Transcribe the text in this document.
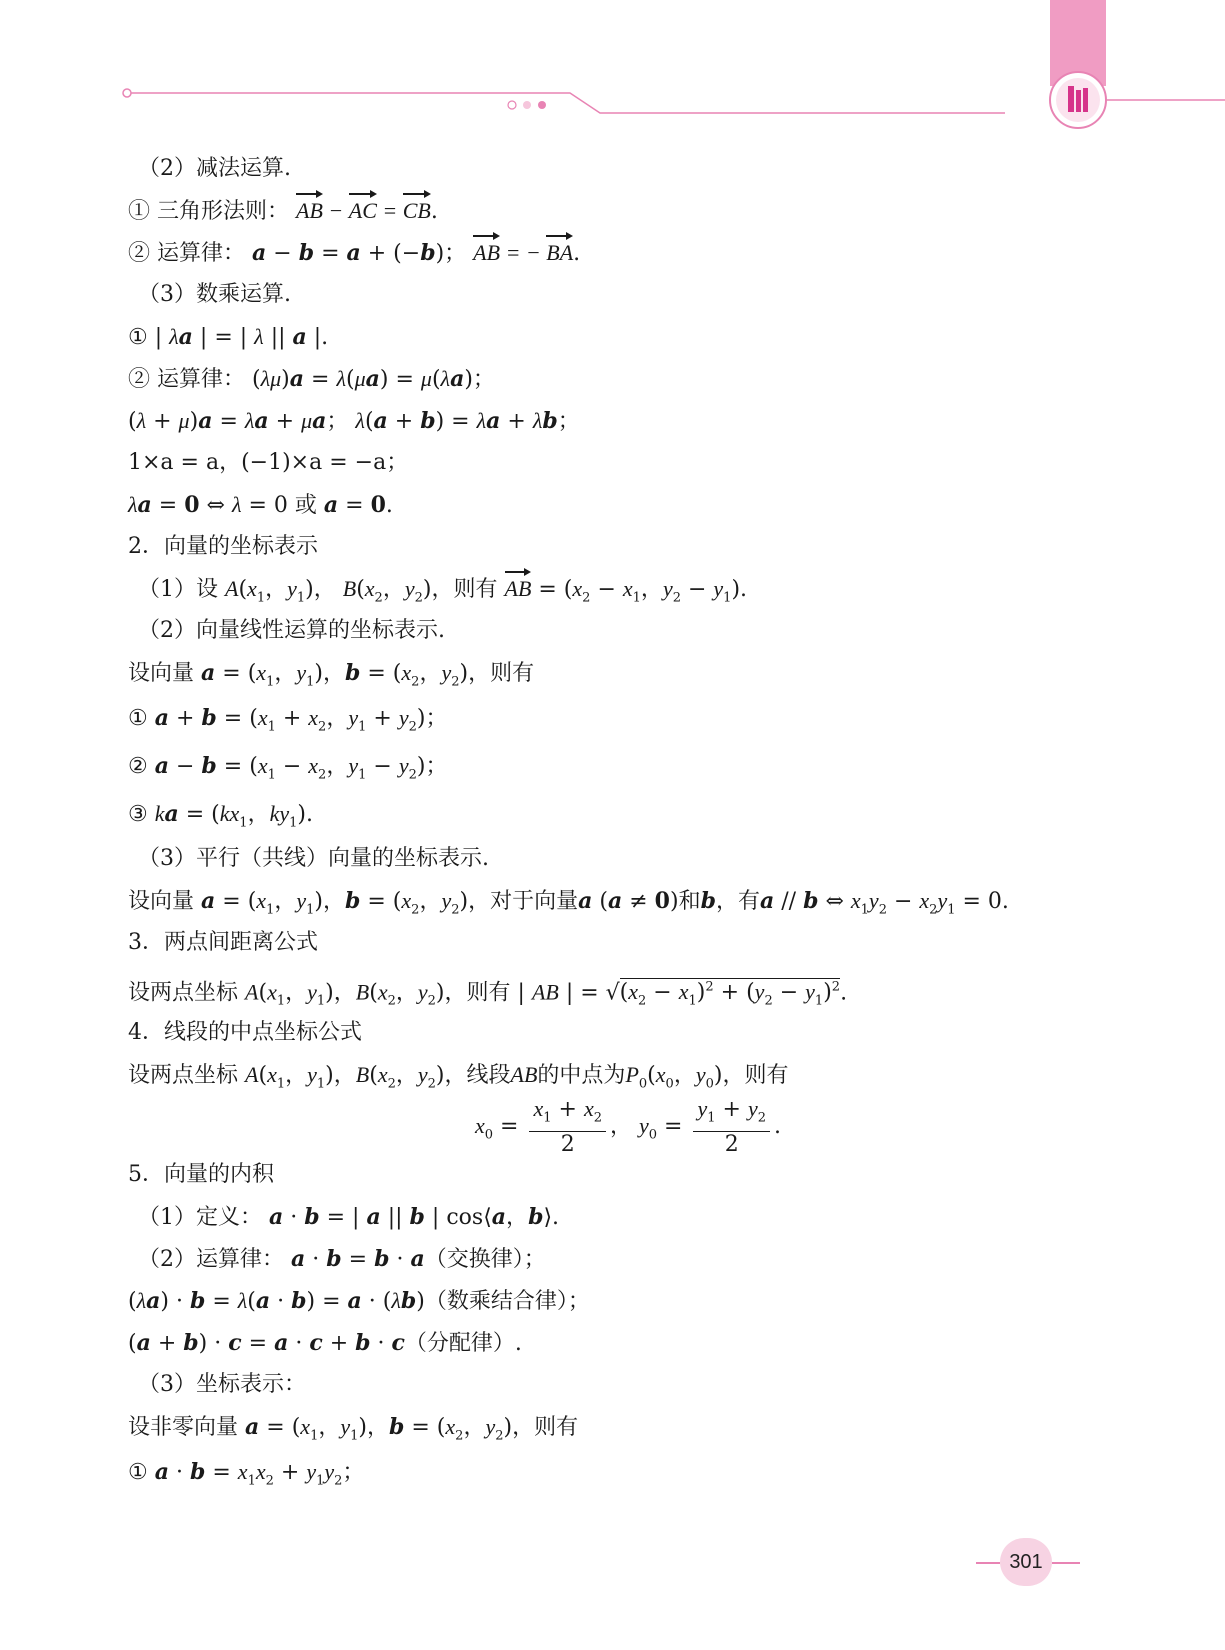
（2）减法运算.
① 三角形法则： AB − AC = CB.
② 运算律： a − b = a + (−b)； AB = − BA.
（3）数乘运算.
① | λa | = | λ || a |.
② 运算律： (λμ)a = λ(μa) = μ(λa)；
(λ + μ)a = λa + μa； λ(a + b) = λa + λb；
1×a = a，(−1)×a = −a；
λa = 0 ⇔ λ = 0 或 a = 0.
2．向量的坐标表示
（1）设 $A(x_1$，$y_1$)， $B(x_2$，$y_2$)，则有 AB = ($x_2 - x_1$，$y_2 - y_1$).
（2）向量线性运算的坐标表示.
设向量 $a = (x_1$，$y_1$)，$b = (x_2$，$y_2$)，则有
① $a + b = (x_1 + x_2$，$y_1 + y_2$)；
② $a - b = (x_1 - x_2$，$y_1 - y_2$)；
③ ka = ($kx_1$，$ky_1$).
（3）平行（共线）向量的坐标表示.
设向量 $a = (x_1$，$y_1$)，$b = (x_2$，$y_2$)，对于向量a (a ≠ 0)和b，有a // b ⇔ $x_1y_2 - x_2y_1 = 0$.
3．两点间距离公式
设两点坐标 $A(x_1$，$y_1$)，$B(x_2$，$y_2$)，则有 | AB | = $√(x_2 - x_1)^2 + (y_2 - y_1)^2$.
4．线段的中点坐标公式
设两点坐标 $A(x_1$，$y_1$)，$B(x_2$，$y_2$)，线段AB的中点为$P_0(x_0$，$y_0$)，则有
$x_0 = \frac{x_1 + x_2}{2}$ ， $y_0 = \frac{y_1 + y_2}{2}$ .
5．向量的内积
（1）定义： a · b = | a || b | cos⟨a，b⟩.
（2）运算律： a · b = b · a（交换律）；
(λa) · b = λ(a · b) = a · (λb)（数乘结合律）；
(a + b) · c = a · c + b · c（分配律）.
（3）坐标表示：
设非零向量 $a = (x_1$，$y_1$)，$b = (x_2$，$y_2$)，则有
① $a \cdot b = x_1x_2 + y_1y_2$；
301
